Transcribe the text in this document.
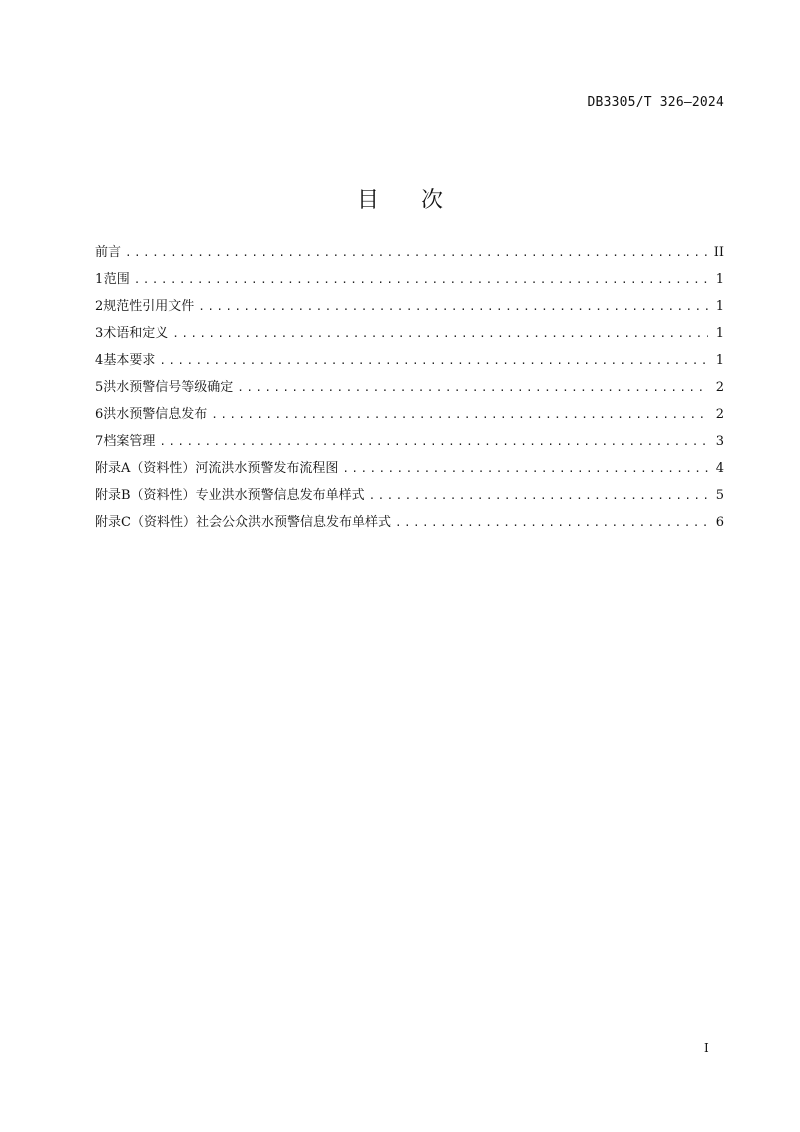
DB3305/T 326—2024
目 次
前言 .....	II
1 范围 .....	1
2 规范性引用文件 .....	1
3 术语和定义 .....	1
4 基本要求 .....	1
5 洪水预警信号等级确定 .....	2
6 洪水预警信息发布 .....	2
7 档案管理 .....	3
附录A（资料性） 河流洪水预警发布流程图 .....	4
附录B（资料性） 专业洪水预警信息发布单样式 .....	5
附录C（资料性） 社会公众洪水预警信息发布单样式 .....	6
I
